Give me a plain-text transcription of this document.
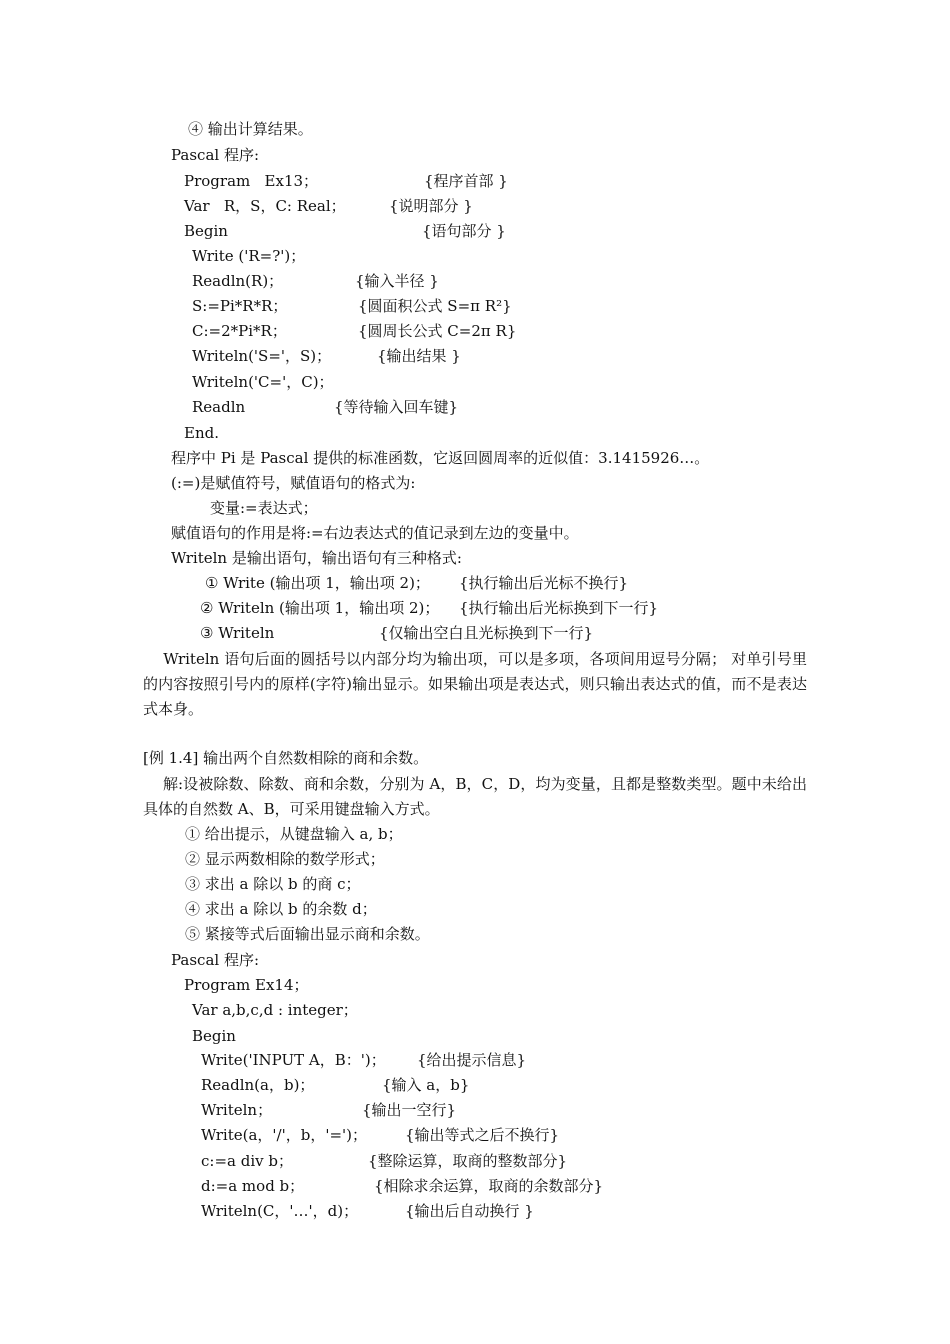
④ 输出计算结果。
Pascal 程序:
Program   Ex13；	{程序首部 }
Var   R，S，C: Real；	{说明部分 }
Begin	{语句部分 }
Write ('R=?')；
Readln(R)；	{输入半径 }
S:=Pi*R*R；	{圆面积公式 S=π R²}
C:=2*Pi*R；	{圆周长公式 C=2π R}
Writeln('S='，S)；	{输出结果 }
Writeln('C='，C)；
Readln	{等待输入回车键}
End.
程序中 Pi 是 Pascal 提供的标准函数，它返回圆周率的近似值：3.1415926…。
(:=)是赋值符号，赋值语句的格式为:
变量:=表达式；
赋值语句的作用是将:=右边表达式的值记录到左边的变量中。
Writeln 是输出语句，输出语句有三种格式:
① Write (输出项 1，输出项 2)； {执行输出后光标不换行}
② Writeln (输出项 1，输出项 2)； {执行输出后光标换到下一行}
③ Writeln	{仅输出空白且光标换到下一行}
　 Writeln 语句后面的圆括号以内部分均为输出项，可以是多项，各项间用逗号分隔； 对单引号里的内容按照引号内的原样(字符)输出显示。如果输出项是表达式，则只输出表达式的值，而不是表达式本身。
[例 1.4] 输出两个自然数相除的商和余数。
　 解:设被除数、除数、商和余数，分别为 A，B，C，D，均为变量，且都是整数类型。题中未给出具体的自然数 A、B，可采用键盘输入方式。
① 给出提示，从键盘输入 a, b；
② 显示两数相除的数学形式；
③ 求出 a 除以 b 的商 c；
④ 求出 a 除以 b 的余数 d；
⑤ 紧接等式后面输出显示商和余数。
Pascal 程序:
Program Ex14；
Var a,b,c,d : integer；
Begin
Write('INPUT A，B：')； {给出提示信息}
Readln(a，b)；	{输入 a，b}
Writeln；	{输出一空行}
Write(a，'/'，b，'=')；	{输出等式之后不换行}
c:=a div b；	{整除运算，取商的整数部分}
d:=a mod b；	{相除求余运算，取商的余数部分}
Writeln(C，'…'，d)；	{输出后自动换行 }
